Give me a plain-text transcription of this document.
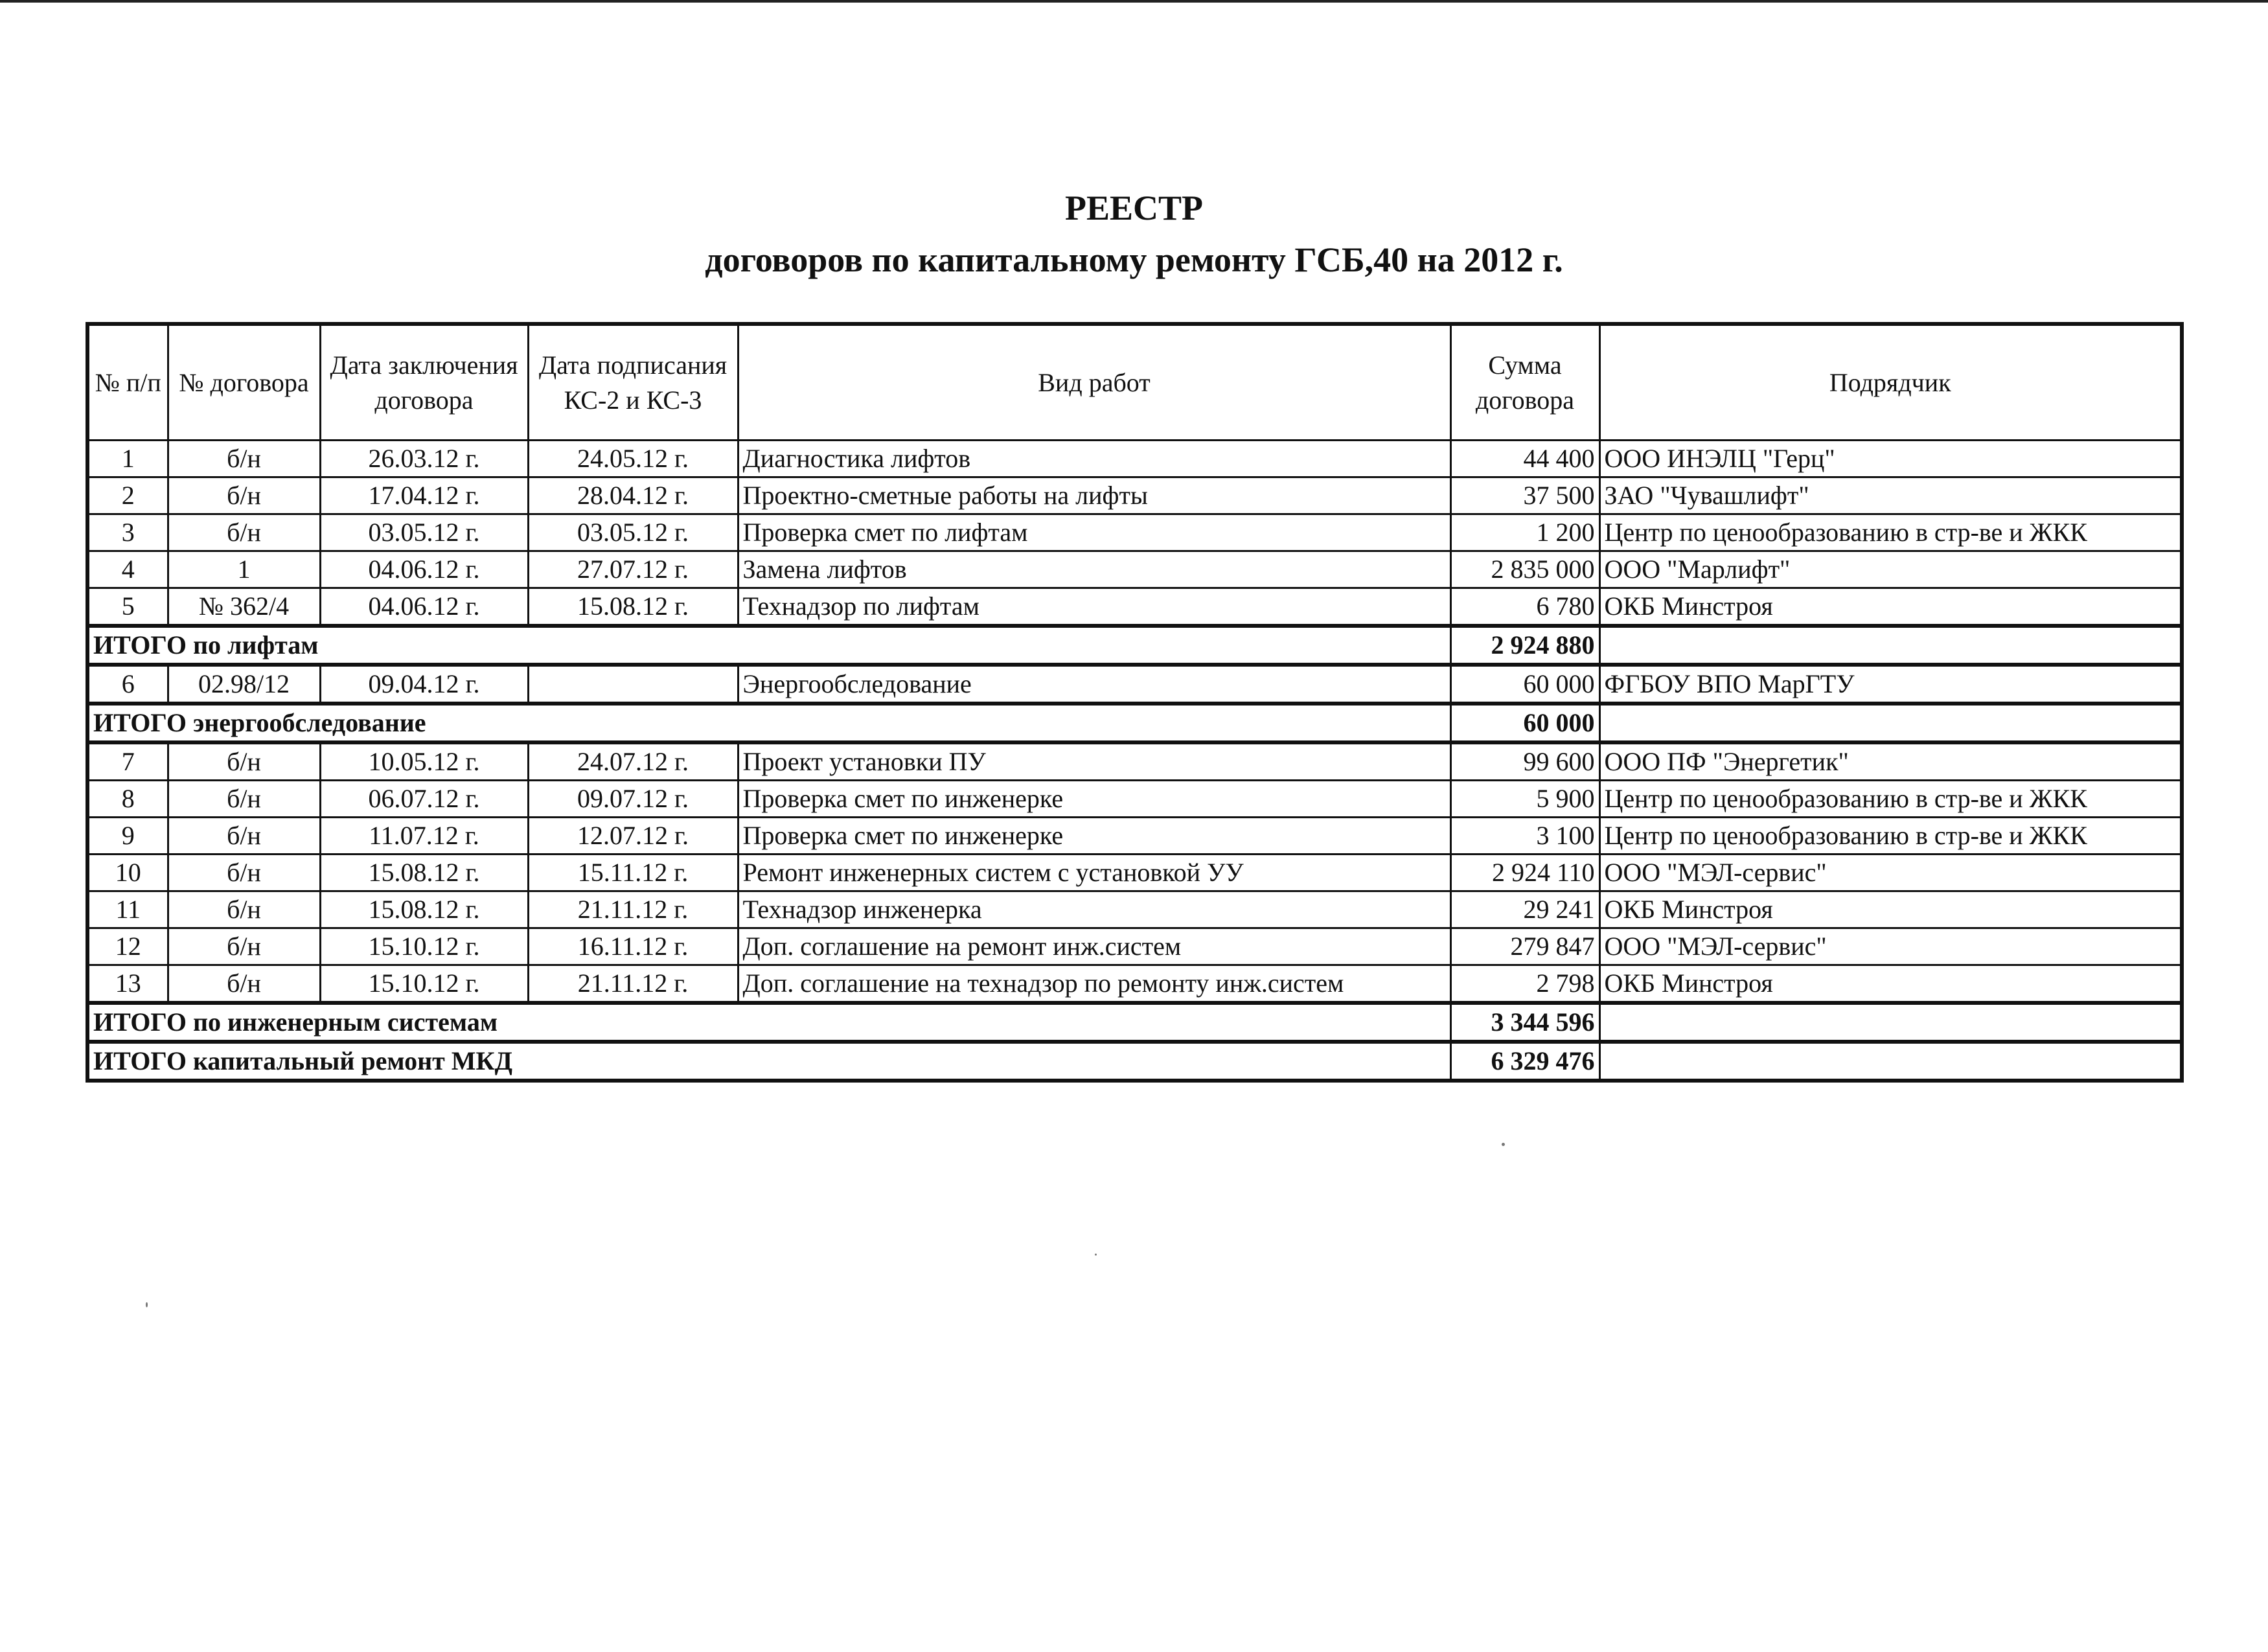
РЕЕСТР
договоров по капитальному ремонту ГСБ,40 на 2012 г.
№ п/п	№ договора	Дата заключения договора	Дата подписания КС-2 и КС-3	Вид работ	Сумма договора	Подрядчик
1	б/н	26.03.12 г.	24.05.12 г.	Диагностика лифтов	44 400	ООО ИНЭЛЦ "Герц"
2	б/н	17.04.12 г.	28.04.12 г.	Проектно-сметные работы на лифты	37 500	ЗАО "Чувашлифт"
3	б/н	03.05.12 г.	03.05.12 г.	Проверка смет по лифтам	1 200	Центр по ценообразованию в стр-ве и ЖКК
4	1	04.06.12 г.	27.07.12 г.	Замена лифтов	2 835 000	ООО "Марлифт"
5	№ 362/4	04.06.12 г.	15.08.12 г.	Технадзор по лифтам	6 780	ОКБ Минстроя
ИТОГО по лифтам					2 924 880	
6	02.98/12	09.04.12 г.		Энергообследование	60 000	ФГБОУ ВПО МарГТУ
ИТОГО энергообследование					60 000	
7	б/н	10.05.12 г.	24.07.12 г.	Проект установки ПУ	99 600	ООО ПФ "Энергетик"
8	б/н	06.07.12 г.	09.07.12 г.	Проверка смет по инженерке	5 900	Центр по ценообразованию в стр-ве и ЖКК
9	б/н	11.07.12 г.	12.07.12 г.	Проверка смет по инженерке	3 100	Центр по ценообразованию в стр-ве и ЖКК
10	б/н	15.08.12 г.	15.11.12 г.	Ремонт инженерных систем с установкой УУ	2 924 110	ООО "МЭЛ-сервис"
11	б/н	15.08.12 г.	21.11.12 г.	Технадзор инженерка	29 241	ОКБ Минстроя
12	б/н	15.10.12 г.	16.11.12 г.	Доп. соглашение на ремонт инж.систем	279 847	ООО "МЭЛ-сервис"
13	б/н	15.10.12 г.	21.11.12 г.	Доп. соглашение на технадзор по ремонту инж.систем	2 798	ОКБ Минстроя
ИТОГО по инженерным системам					3 344 596	
ИТОГО капитальный ремонт МКД					6 329 476	
